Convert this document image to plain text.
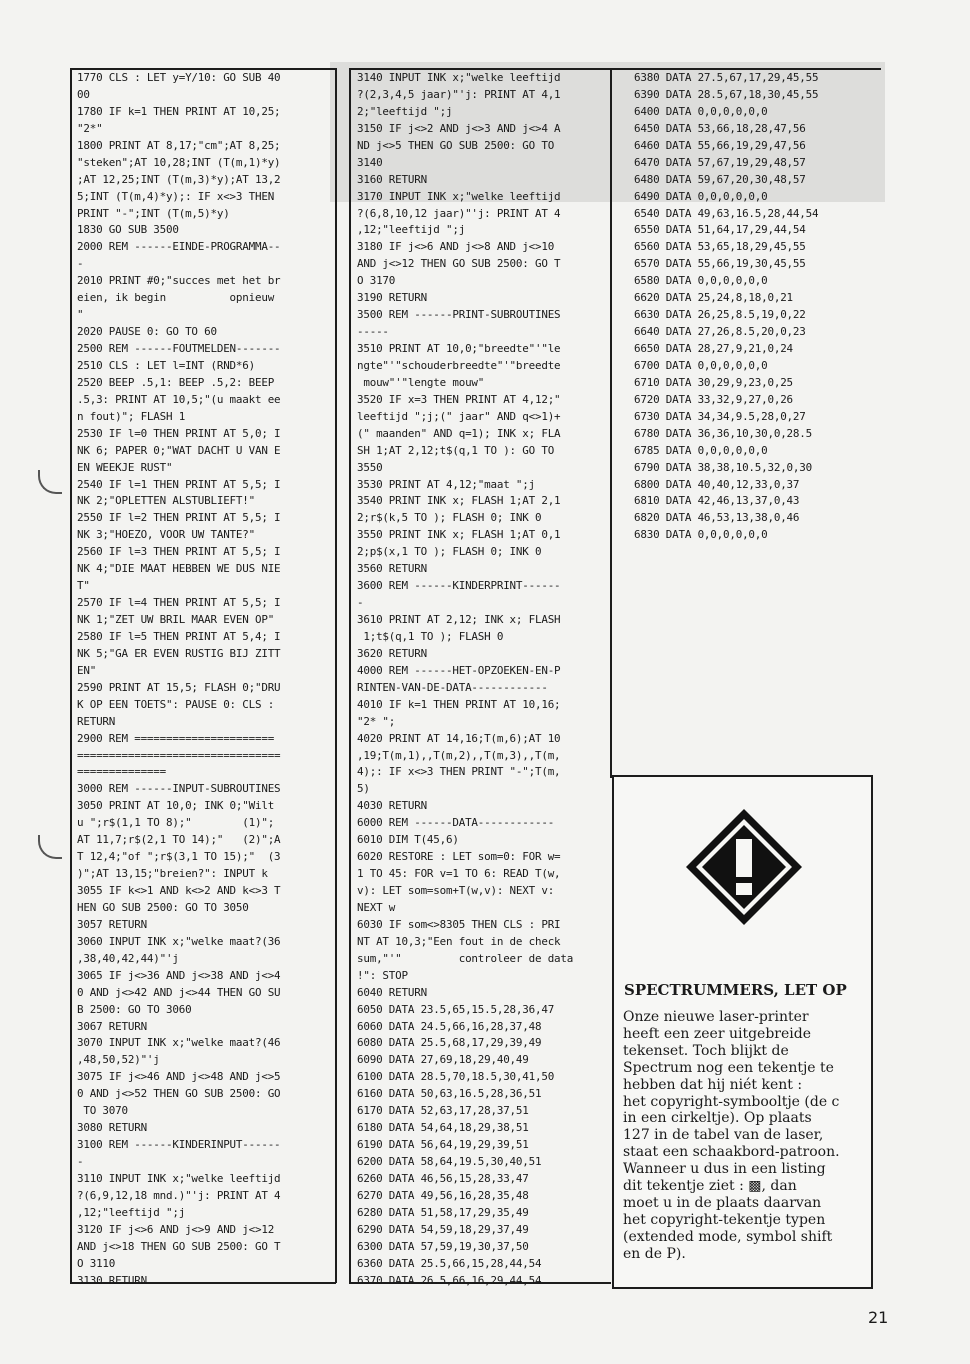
1770 CLS : LET y=Y/10: GO SUB 40
00
1780 IF k=1 THEN PRINT AT 10,25;
"2*"
1800 PRINT AT 8,17;"cm";AT 8,25;
"steken";AT 10,28;INT (T(m,1)*y)
;AT 12,25;INT (T(m,3)*y);AT 13,2
5;INT (T(m,4)*y);: IF x<>3 THEN
PRINT "-";INT (T(m,5)*y)
1830 GO SUB 3500
2000 REM ------EINDE-PROGRAMMA--
-
2010 PRINT #0;"succes met het br
eien, ik begin          opnieuw
"
2020 PAUSE 0: GO TO 60
2500 REM ------FOUTMELDEN-------
2510 CLS : LET l=INT (RND*6)
2520 BEEP .5,1: BEEP .5,2: BEEP
.5,3: PRINT AT 10,5;"(u maakt ee
n fout)"; FLASH 1
2530 IF l=0 THEN PRINT AT 5,0; I
NK 6; PAPER 0;"WAT DACHT U VAN E
EN WEEKJE RUST"
2540 IF l=1 THEN PRINT AT 5,5; I
NK 2;"OPLETTEN ALSTUBLIEFT!"
2550 IF l=2 THEN PRINT AT 5,5; I
NK 3;"HOEZO, VOOR UW TANTE?"
2560 IF l=3 THEN PRINT AT 5,5; I
NK 4;"DIE MAAT HEBBEN WE DUS NIE
T"
2570 IF l=4 THEN PRINT AT 5,5; I
NK 1;"ZET UW BRIL MAAR EVEN OP"
2580 IF l=5 THEN PRINT AT 5,4; I
NK 5;"GA ER EVEN RUSTIG BIJ ZITT
EN"
2590 PRINT AT 15,5; FLASH 0;"DRU
K OP EEN TOETS": PAUSE 0: CLS :
RETURN
2900 REM ======================
================================
==============
3000 REM ------INPUT-SUBROUTINES
3050 PRINT AT 10,0; INK 0;"Wilt
u ";r$(1,1 TO 8);"        (1)";
AT 11,7;r$(2,1 TO 14);"   (2)";A
T 12,4;"of ";r$(3,1 TO 15);"  (3
)";AT 13,15;"breien?": INPUT k
3055 IF k<>1 AND k<>2 AND k<>3 T
HEN GO SUB 2500: GO TO 3050
3057 RETURN
3060 INPUT INK x;"welke maat?(36
,38,40,42,44)"'j
3065 IF j<>36 AND j<>38 AND j<>4
0 AND j<>42 AND j<>44 THEN GO SU
B 2500: GO TO 3060
3067 RETURN
3070 INPUT INK x;"welke maat?(46
,48,50,52)"'j
3075 IF j<>46 AND j<>48 AND j<>5
0 AND j<>52 THEN GO SUB 2500: GO
TO 3070
3080 RETURN
3100 REM ------KINDERINPUT------
-
3110 INPUT INK x;"welke leeftijd
?(6,9,12,18 mnd.)"'j: PRINT AT 4
,12;"leeftijd ";j
3120 IF j<>6 AND j<>9 AND j<>12
AND j<>18 THEN GO SUB 2500: GO T
O 3110
3130 RETURN
3140 INPUT INK x;"welke leeftijd
?(2,3,4,5 jaar)"'j: PRINT AT 4,1
2;"leeftijd ";j
3150 IF j<>2 AND j<>3 AND j<>4 A
ND j<>5 THEN GO SUB 2500: GO TO
3140
3160 RETURN
3170 INPUT INK x;"welke leeftijd
?(6,8,10,12 jaar)"'j: PRINT AT 4
,12;"leeftijd ";j
3180 IF j<>6 AND j<>8 AND j<>10
AND j<>12 THEN GO SUB 2500: GO T
O 3170
3190 RETURN
3500 REM ------PRINT-SUBROUTINES
-----
3510 PRINT AT 10,0;"breedte"'"le
ngte"'"schouderbreedte"'"breedte
mouw"'"lengte mouw"
3520 IF x=3 THEN PRINT AT 4,12;"
leeftijd ";j;(" jaar" AND q<>1)+
(" maanden" AND q=1); INK x; FLA
SH 1;AT 2,12;t$(q,1 TO ): GO TO
3550
3530 PRINT AT 4,12;"maat ";j
3540 PRINT INK x; FLASH 1;AT 2,1
2;r$(k,5 TO ); FLASH 0; INK 0
3550 PRINT INK x; FLASH 1;AT 0,1
2;p$(x,1 TO ); FLASH 0; INK 0
3560 RETURN
3600 REM ------KINDERPRINT------
-
3610 PRINT AT 2,12; INK x; FLASH
1;t$(q,1 TO ); FLASH 0
3620 RETURN
4000 REM ------HET-OPZOEKEN-EN-P
RINTEN-VAN-DE-DATA------------
4010 IF k=1 THEN PRINT AT 10,16;
"2* ";
4020 PRINT AT 14,16;T(m,6);AT 10
,19;T(m,1),,T(m,2),,T(m,3),,T(m,
4);: IF x<>3 THEN PRINT "-";T(m,
5)
4030 RETURN
6000 REM ------DATA------------
6010 DIM T(45,6)
6020 RESTORE : LET som=0: FOR w=
1 TO 45: FOR v=1 TO 6: READ T(w,
v): LET som=som+T(w,v): NEXT v:
NEXT w
6030 IF som<>8305 THEN CLS : PRI
NT AT 10,3;"Een fout in de check
sum,"'"         controleer de data
!": STOP
6040 RETURN
6050 DATA 23.5,65,15.5,28,36,47
6060 DATA 24.5,66,16,28,37,48
6080 DATA 25.5,68,17,29,39,49
6090 DATA 27,69,18,29,40,49
6100 DATA 28.5,70,18.5,30,41,50
6160 DATA 50,63,16.5,28,36,51
6170 DATA 52,63,17,28,37,51
6180 DATA 54,64,18,29,38,51
6190 DATA 56,64,19,29,39,51
6200 DATA 58,64,19.5,30,40,51
6260 DATA 46,56,15,28,33,47
6270 DATA 49,56,16,28,35,48
6280 DATA 51,58,17,29,35,49
6290 DATA 54,59,18,29,37,49
6300 DATA 57,59,19,30,37,50
6360 DATA 25.5,66,15,28,44,54
6370 DATA 26.5,66,16,29,44,54
6380 DATA 27.5,67,17,29,45,55
6390 DATA 28.5,67,18,30,45,55
6400 DATA 0,0,0,0,0,0
6450 DATA 53,66,18,28,47,56
6460 DATA 55,66,19,29,47,56
6470 DATA 57,67,19,29,48,57
6480 DATA 59,67,20,30,48,57
6490 DATA 0,0,0,0,0,0
6540 DATA 49,63,16.5,28,44,54
6550 DATA 51,64,17,29,44,54
6560 DATA 53,65,18,29,45,55
6570 DATA 55,66,19,30,45,55
6580 DATA 0,0,0,0,0,0
6620 DATA 25,24,8,18,0,21
6630 DATA 26,25,8.5,19,0,22
6640 DATA 27,26,8.5,20,0,23
6650 DATA 28,27,9,21,0,24
6700 DATA 0,0,0,0,0,0
6710 DATA 30,29,9,23,0,25
6720 DATA 33,32,9,27,0,26
6730 DATA 34,34,9.5,28,0,27
6780 DATA 36,36,10,30,0,28.5
6785 DATA 0,0,0,0,0,0
6790 DATA 38,38,10.5,32,0,30
6800 DATA 40,40,12,33,0,37
6810 DATA 42,46,13,37,0,43
6820 DATA 46,53,13,38,0,46
6830 DATA 0,0,0,0,0,0
SPECTRUMMERS, LET OP
Onze nieuwe laser-printer
heeft een zeer uitgebreide
tekenset. Toch blijkt de
Spectrum nog een tekentje te
hebben dat hij niét kent :
het copyright-symbooltje (de c
in een cirkeltje). Op plaats
127 in de tabel van de laser,
staat een schaakbord-patroon.
Wanneer u dus in een listing
dit tekentje ziet : ▩, dan
moet u in de plaats daarvan
het copyright-tekentje typen
(extended mode, symbol shift
en de P).
21
